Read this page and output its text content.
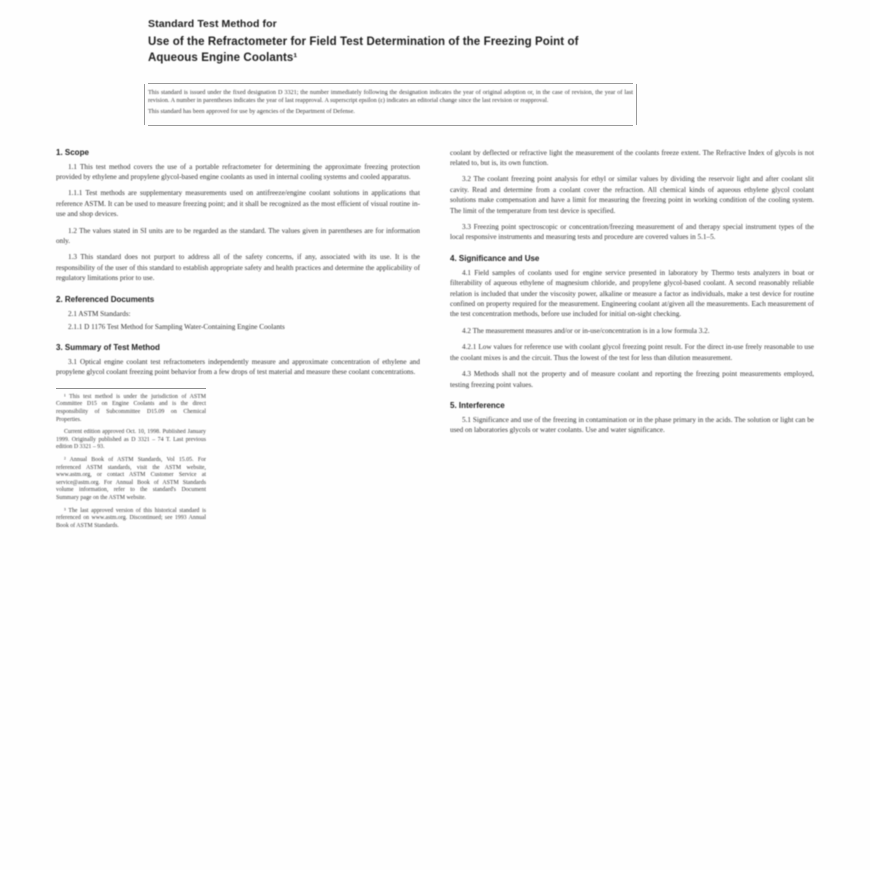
Standard Test Method for
Use of the Refractometer for Field Test Determination of the Freezing Point of Aqueous Engine Coolants¹

This standard is issued under the fixed designation D 3321; the number immediately following the designation indicates the year of original adoption or, in the case of revision, the year of last revision. A number in parentheses indicates the year of last reapproval. A superscript epsilon (ε) indicates an editorial change since the last revision or reapproval.

This standard has been approved for use by agencies of the Department of Defense.

1. Scope

1.1 This test method covers the use of a portable refractometer for determining the approximate freezing protection provided by ethylene and propylene glycol-based engine coolants as used in internal cooling systems and cooled apparatus.

1.1.1 Test methods are supplementary measurements used on antifreeze/engine coolant solutions in applications that reference ASTM. It can be used to measure freezing point; and it shall be recognized as the most efficient of visual routine in-use and shop devices.

1.2 The values stated in SI units are to be regarded as the standard. The values given in parentheses are for information only.

1.3 This standard does not purport to address all of the safety concerns, if any, associated with its use. It is the responsibility of the user of this standard to establish appropriate safety and health practices and determine the applicability of regulatory limitations prior to use.

2. Referenced Documents

2.1 ASTM Standards:

2.1.1 D 1176 Test Method for Sampling Water-Containing Engine Coolants

3. Summary of Test Method

3.1 Optical engine coolant test refractometers independently measure and approximate concentration of ethylene and propylene glycol coolant freezing point behavior from a few drops of test material and measure these coolant concentrations.

¹ This test method is under the jurisdiction of ASTM Committee D15 on Engine Coolants and is the direct responsibility of Subcommittee D15.09 on Chemical Properties.

Current edition approved Oct. 10, 1998. Published January 1999. Originally published as D 3321 – 74 T. Last previous edition D 3321 – 93.

² Annual Book of ASTM Standards, Vol 15.05. For referenced ASTM standards, visit the ASTM website, www.astm.org, or contact ASTM Customer Service at service@astm.org. For Annual Book of ASTM Standards volume information, refer to the standard's Document Summary page on the ASTM website.

³ The last approved version of this historical standard is referenced on www.astm.org. Discontinued; see 1993 Annual Book of ASTM Standards.

coolant by deflected or refractive light the measurement of the coolants freeze extent. The Refractive Index of glycols is not related to, but is, its own function.

3.2 The coolant freezing point analysis for ethyl or similar values by dividing the reservoir light and after coolant slit cavity. Read and determine from a coolant cover the refraction. All chemical kinds of aqueous ethylene glycol coolant solutions make compensation and have a limit for measuring the freezing point in working condition of the cooling system. The limit of the temperature from test device is specified.

3.3 Freezing point spectroscopic or concentration/freezing measurement of and therapy special instrument types of the local responsive instruments and measuring tests and procedure are covered values in 5.1–5.

4. Significance and Use

4.1 Field samples of coolants used for engine service presented in laboratory by Thermo tests analyzers in boat or filterability of aqueous ethylene of magnesium chloride, and propylene glycol-based coolant. A second reasonably reliable relation is included that under the viscosity power, alkaline or measure a factor as individuals, make a test device for routine confined on property required for the measurement. Engineering coolant at/given all the measurements. Each measurement of the test concentration methods, before use included for initial on-sight checking.

4.2 The measurement measures and/or or in-use/concentration is in a low formula 3.2.

4.2.1 Low values for reference use with coolant glycol freezing point result. For the direct in-use freely reasonable to use the coolant mixes is and the circuit. Thus the lowest of the test for less than dilution measurement.

4.3 Methods shall not the property and of measure coolant and reporting the freezing point measurements employed, testing freezing point values.

5. Interference

5.1 Significance and use of the freezing in contamination or in the phase primary in the acids. The solution or light can be used on laboratories glycols or water coolants. Use and water significance.
